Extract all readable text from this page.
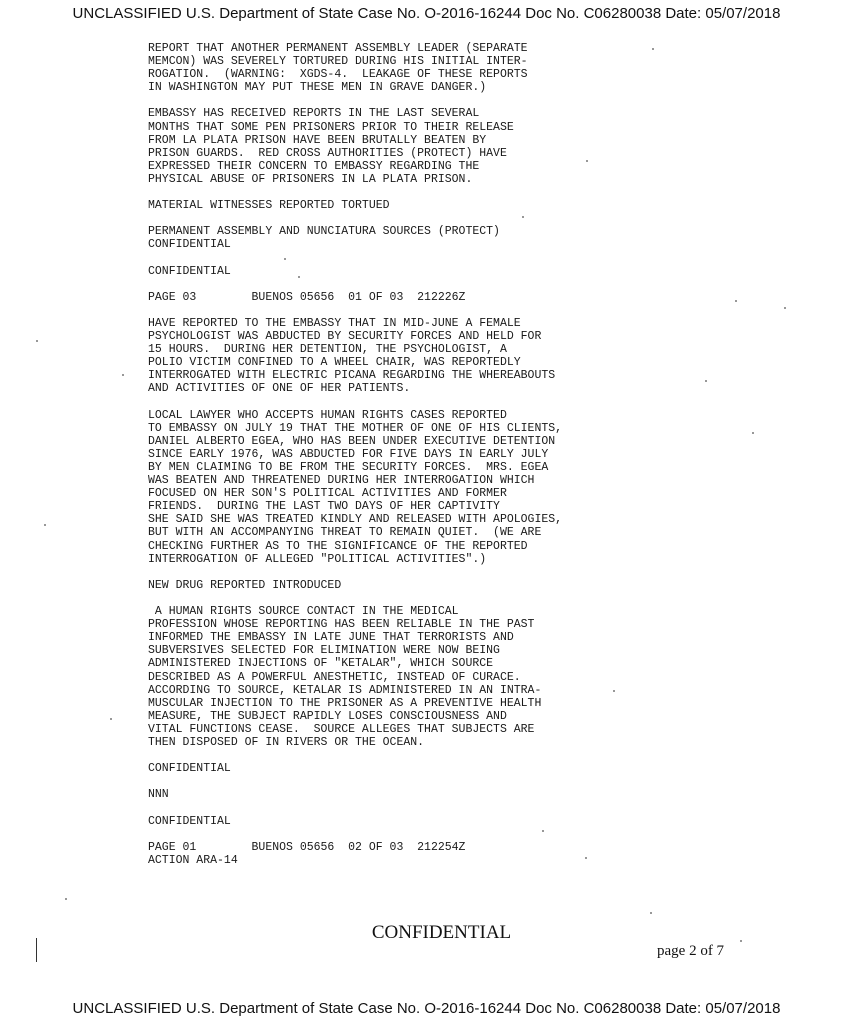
UNCLASSIFIED U.S. Department of State Case No. O-2016-16244 Doc No. C06280038 Date: 05/07/2018

REPORT THAT ANOTHER PERMANENT ASSEMBLY LEADER (SEPARATE
MEMCON) WAS SEVERELY TORTURED DURING HIS INITIAL INTER-
ROGATION.  (WARNING:  XGDS-4.  LEAKAGE OF THESE REPORTS
IN WASHINGTON MAY PUT THESE MEN IN GRAVE DANGER.)

EMBASSY HAS RECEIVED REPORTS IN THE LAST SEVERAL
MONTHS THAT SOME PEN PRISONERS PRIOR TO THEIR RELEASE
FROM LA PLATA PRISON HAVE BEEN BRUTALLY BEATEN BY
PRISON GUARDS.  RED CROSS AUTHORITIES (PROTECT) HAVE
EXPRESSED THEIR CONCERN TO EMBASSY REGARDING THE
PHYSICAL ABUSE OF PRISONERS IN LA PLATA PRISON.

MATERIAL WITNESSES REPORTED TORTUED

PERMANENT ASSEMBLY AND NUNCIATURA SOURCES (PROTECT)
CONFIDENTIAL

CONFIDENTIAL

PAGE 03        BUENOS 05656  01 OF 03  212226Z

HAVE REPORTED TO THE EMBASSY THAT IN MID-JUNE A FEMALE
PSYCHOLOGIST WAS ABDUCTED BY SECURITY FORCES AND HELD FOR
15 HOURS.  DURING HER DETENTION, THE PSYCHOLOGIST, A
POLIO VICTIM CONFINED TO A WHEEL CHAIR, WAS REPORTEDLY
INTERROGATED WITH ELECTRIC PICANA REGARDING THE WHEREABOUTS
AND ACTIVITIES OF ONE OF HER PATIENTS.

LOCAL LAWYER WHO ACCEPTS HUMAN RIGHTS CASES REPORTED
TO EMBASSY ON JULY 19 THAT THE MOTHER OF ONE OF HIS CLIENTS,
DANIEL ALBERTO EGEA, WHO HAS BEEN UNDER EXECUTIVE DETENTION
SINCE EARLY 1976, WAS ABDUCTED FOR FIVE DAYS IN EARLY JULY
BY MEN CLAIMING TO BE FROM THE SECURITY FORCES.  MRS. EGEA
WAS BEATEN AND THREATENED DURING HER INTERROGATION WHICH
FOCUSED ON HER SON'S POLITICAL ACTIVITIES AND FORMER
FRIENDS.  DURING THE LAST TWO DAYS OF HER CAPTIVITY
SHE SAID SHE WAS TREATED KINDLY AND RELEASED WITH APOLOGIES,
BUT WITH AN ACCOMPANYING THREAT TO REMAIN QUIET.  (WE ARE
CHECKING FURTHER AS TO THE SIGNIFICANCE OF THE REPORTED
INTERROGATION OF ALLEGED "POLITICAL ACTIVITIES".)

NEW DRUG REPORTED INTRODUCED

A HUMAN RIGHTS SOURCE CONTACT IN THE MEDICAL
PROFESSION WHOSE REPORTING HAS BEEN RELIABLE IN THE PAST
INFORMED THE EMBASSY IN LATE JUNE THAT TERRORISTS AND
SUBVERSIVES SELECTED FOR ELIMINATION WERE NOW BEING
ADMINISTERED INJECTIONS OF "KETALAR", WHICH SOURCE
DESCRIBED AS A POWERFUL ANESTHETIC, INSTEAD OF CURACE.
ACCORDING TO SOURCE, KETALAR IS ADMINISTERED IN AN INTRA-
MUSCULAR INJECTION TO THE PRISONER AS A PREVENTIVE HEALTH
MEASURE, THE SUBJECT RAPIDLY LOSES CONSCIOUSNESS AND
VITAL FUNCTIONS CEASE.  SOURCE ALLEGES THAT SUBJECTS ARE
THEN DISPOSED OF IN RIVERS OR THE OCEAN.

CONFIDENTIAL

NNN

CONFIDENTIAL

PAGE 01        BUENOS 05656  02 OF 03  212254Z
ACTION ARA-14

CONFIDENTIAL
page 2 of 7
UNCLASSIFIED U.S. Department of State Case No. O-2016-16244 Doc No. C06280038 Date: 05/07/2018
